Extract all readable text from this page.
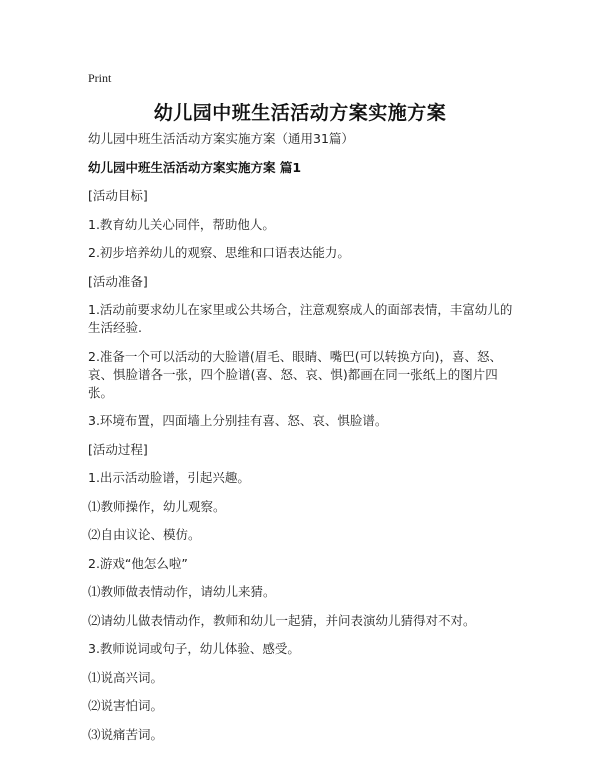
Print
幼儿园中班生活活动方案实施方案

幼儿园中班生活活动方案实施方案（通用31篇）

幼儿园中班生活活动方案实施方案 篇1

[活动目标]

1.教育幼儿关心同伴，帮助他人。

2.初步培养幼儿的观察、思维和口语表达能力。

[活动准备]

1.活动前要求幼儿在家里或公共场合，注意观察成人的面部表情，丰富幼儿的生活经验.

2.准备一个可以活动的大脸谱(眉毛、眼睛、嘴巴(可以转换方向)，喜、怒、哀、惧脸谱各一张，四个脸谱(喜、怒、哀、惧)都画在同一张纸上的图片四张。

3.环境布置，四面墙上分别挂有喜、怒、哀、惧脸谱。

[活动过程]

1.出示活动脸谱，引起兴趣。

⑴教师操作，幼儿观察。

⑵自由议论、模仿。

2.游戏“他怎么啦”

⑴教师做表情动作，请幼儿来猜。

⑵请幼儿做表情动作，教师和幼儿一起猜，并问表演幼儿猜得对不对。

3.教师说词或句子，幼儿体验、感受。

⑴说高兴词。

⑵说害怕词。

⑶说痛苦词。
